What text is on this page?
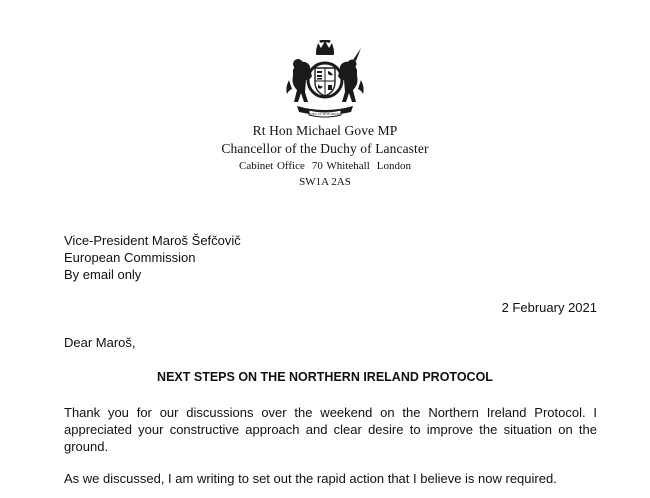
DIEU ET MON DROIT
Rt Hon Michael Gove MP
Chancellor of the Duchy of Lancaster
Cabinet Office 70 Whitehall London
SW1A 2AS
Vice-President Maroš Šefčovič
European Commission
By email only
2 February 2021
Dear Maroš,
NEXT STEPS ON THE NORTHERN IRELAND PROTOCOL
Thank you for our discussions over the weekend on the Northern Ireland Protocol. I appreciated your constructive approach and clear desire to improve the situation on the ground.
As we discussed, I am writing to set out the rapid action that I believe is now required.
